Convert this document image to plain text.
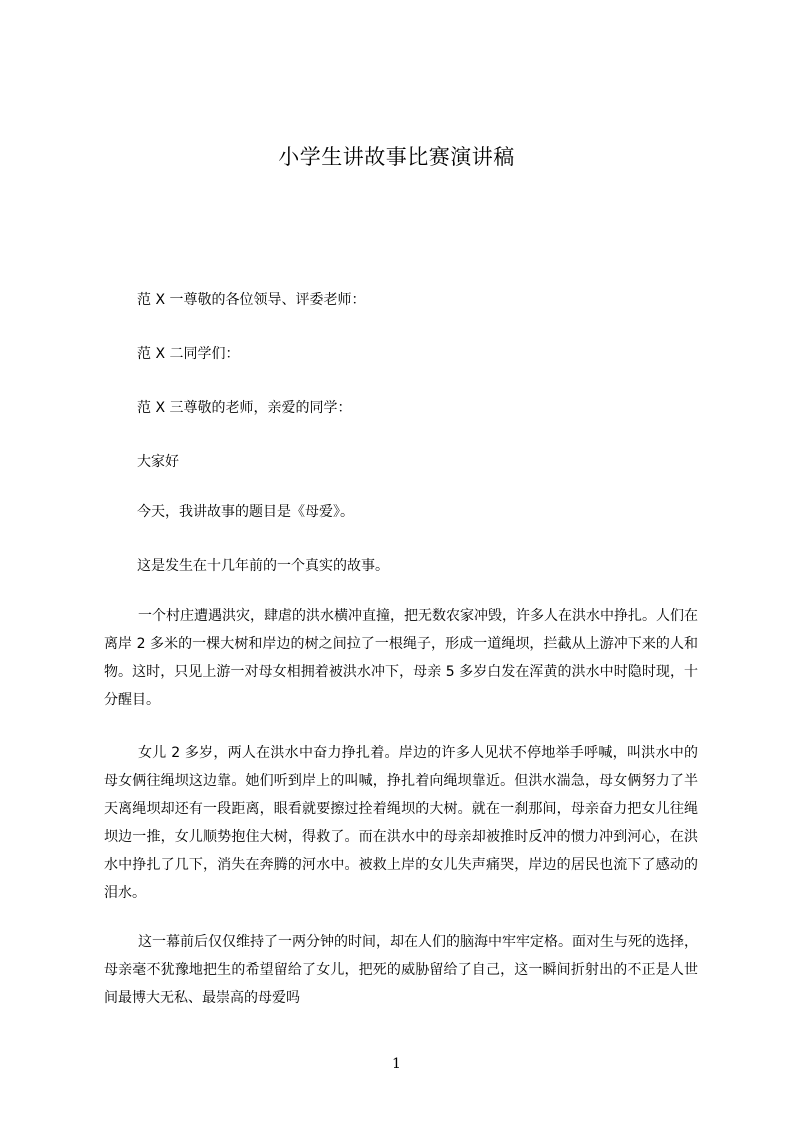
小学生讲故事比赛演讲稿
范 X 一尊敬的各位领导、评委老师：
范 X 二同学们：
范 X 三尊敬的老师，亲爱的同学：
大家好
今天，我讲故事的题目是《母爱》。
这是发生在十几年前的一个真实的故事。

一个村庄遭遇洪灾，肆虐的洪水横冲直撞，把无数农家冲毁，许多人在洪水中挣扎。人们在离岸 2 多米的一棵大树和岸边的树之间拉了一根绳子，形成一道绳坝，拦截从上游冲下来的人和物。这时，只见上游一对母女相拥着被洪水冲下，母亲 5 多岁白发在浑黄的洪水中时隐时现，十分醒目。

女儿 2 多岁，两人在洪水中奋力挣扎着。岸边的许多人见状不停地举手呼喊，叫洪水中的母女俩往绳坝这边靠。她们听到岸上的叫喊，挣扎着向绳坝靠近。但洪水湍急，母女俩努力了半天离绳坝却还有一段距离，眼看就要擦过拴着绳坝的大树。就在一刹那间，母亲奋力把女儿往绳坝边一推，女儿顺势抱住大树，得救了。而在洪水中的母亲却被推时反冲的惯力冲到河心，在洪水中挣扎了几下，消失在奔腾的河水中。被救上岸的女儿失声痛哭，岸边的居民也流下了感动的泪水。

这一幕前后仅仅维持了一两分钟的时间，却在人们的脑海中牢牢定格。面对生与死的选择，母亲毫不犹豫地把生的希望留给了女儿，把死的威胁留给了自己，这一瞬间折射出的不正是人世间最博大无私、最崇高的母爱吗

1
